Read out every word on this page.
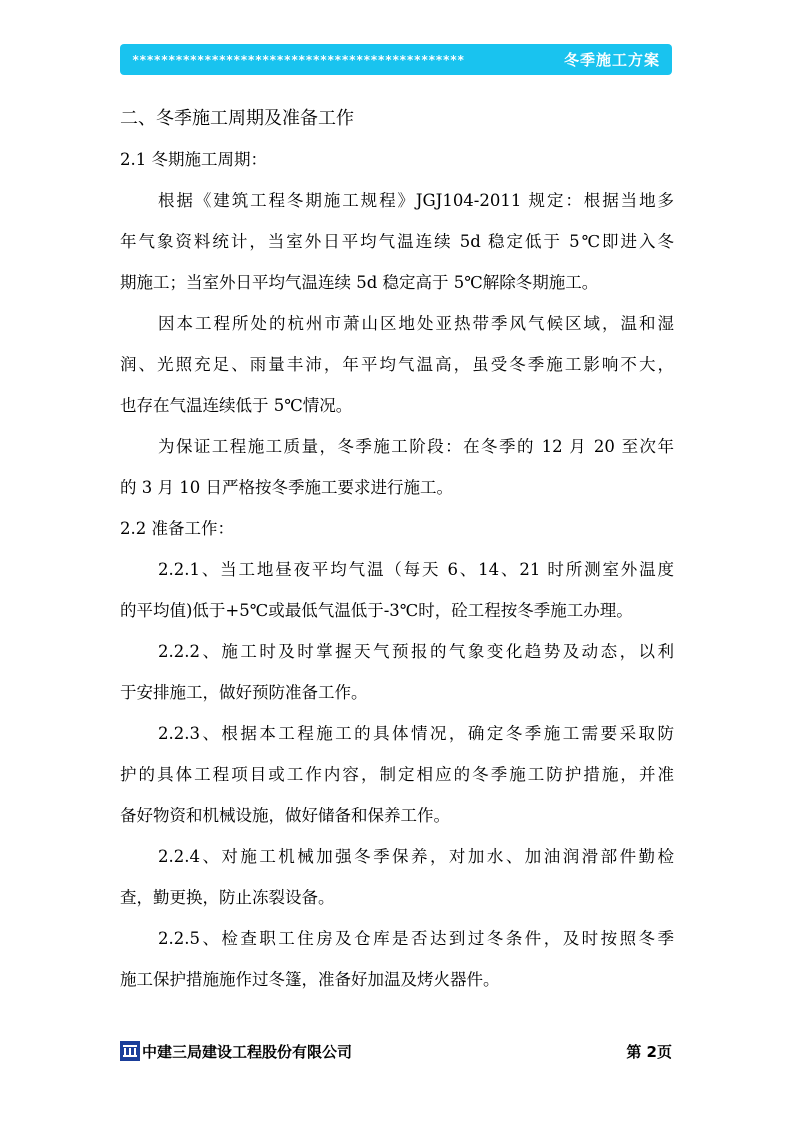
**********************************************	冬季施工方案
二、冬季施工周期及准备工作
2.1 冬期施工周期：
根据《建筑工程冬期施工规程》JGJ104-2011 规定：根据当地多
年气象资料统计，当室外日平均气温连续 5d 稳定低于 5℃即进入冬
期施工；当室外日平均气温连续 5d 稳定高于 5℃解除冬期施工。
因本工程所处的杭州市萧山区地处亚热带季风气候区域，温和湿
润、光照充足、雨量丰沛，年平均气温高，虽受冬季施工影响不大，
也存在气温连续低于 5℃情况。
为保证工程施工质量，冬季施工阶段：在冬季的 12 月 20 至次年
的 3 月 10 日严格按冬季施工要求进行施工。
2.2 准备工作：
2.2.1、当工地昼夜平均气温（每天 6、14、21 时所测室外温度
的平均值)低于+5℃或最低气温低于-3℃时，砼工程按冬季施工办理。
2.2.2、施工时及时掌握天气预报的气象变化趋势及动态，以利
于安排施工，做好预防准备工作。
2.2.3、根据本工程施工的具体情况，确定冬季施工需要采取防
护的具体工程项目或工作内容，制定相应的冬季施工防护措施，并准
备好物资和机械设施，做好储备和保养工作。
2.2.4、对施工机械加强冬季保养，对加水、加油润滑部件勤检
查，勤更换，防止冻裂设备。
2.2.5、检查职工住房及仓库是否达到过冬条件，及时按照冬季
施工保护措施施作过冬篷，准备好加温及烤火器件。
中建三局建设工程股份有限公司	第 2页
